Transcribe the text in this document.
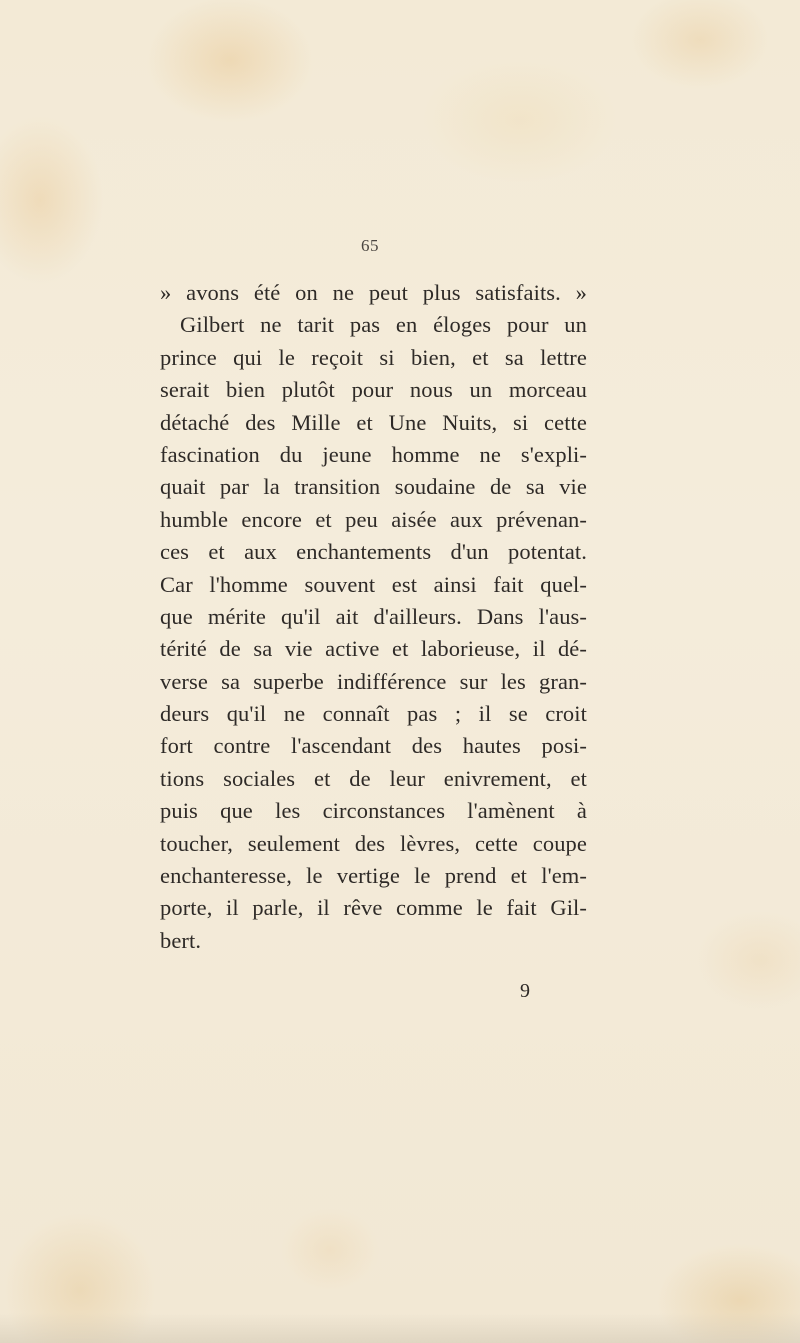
65
» avons été on ne peut plus satisfaits. »
Gilbert ne tarit pas en éloges pour un
prince qui le reçoit si bien, et sa lettre
serait bien plutôt pour nous un morceau
détaché des Mille et Une Nuits, si cette
fascination du jeune homme ne s'expli-
quait par la transition soudaine de sa vie
humble encore et peu aisée aux prévenan-
ces et aux enchantements d'un potentat.
Car l'homme souvent est ainsi fait quel-
que mérite qu'il ait d'ailleurs. Dans l'aus-
térité de sa vie active et laborieuse, il dé-
verse sa superbe indifférence sur les gran-
deurs qu'il ne connaît pas ; il se croit
fort contre l'ascendant des hautes posi-
tions sociales et de leur enivrement, et
puis que les circonstances l'amènent à
toucher, seulement des lèvres, cette coupe
enchanteresse, le vertige le prend et l'em-
porte, il parle, il rêve comme le fait Gil-
bert.
9
